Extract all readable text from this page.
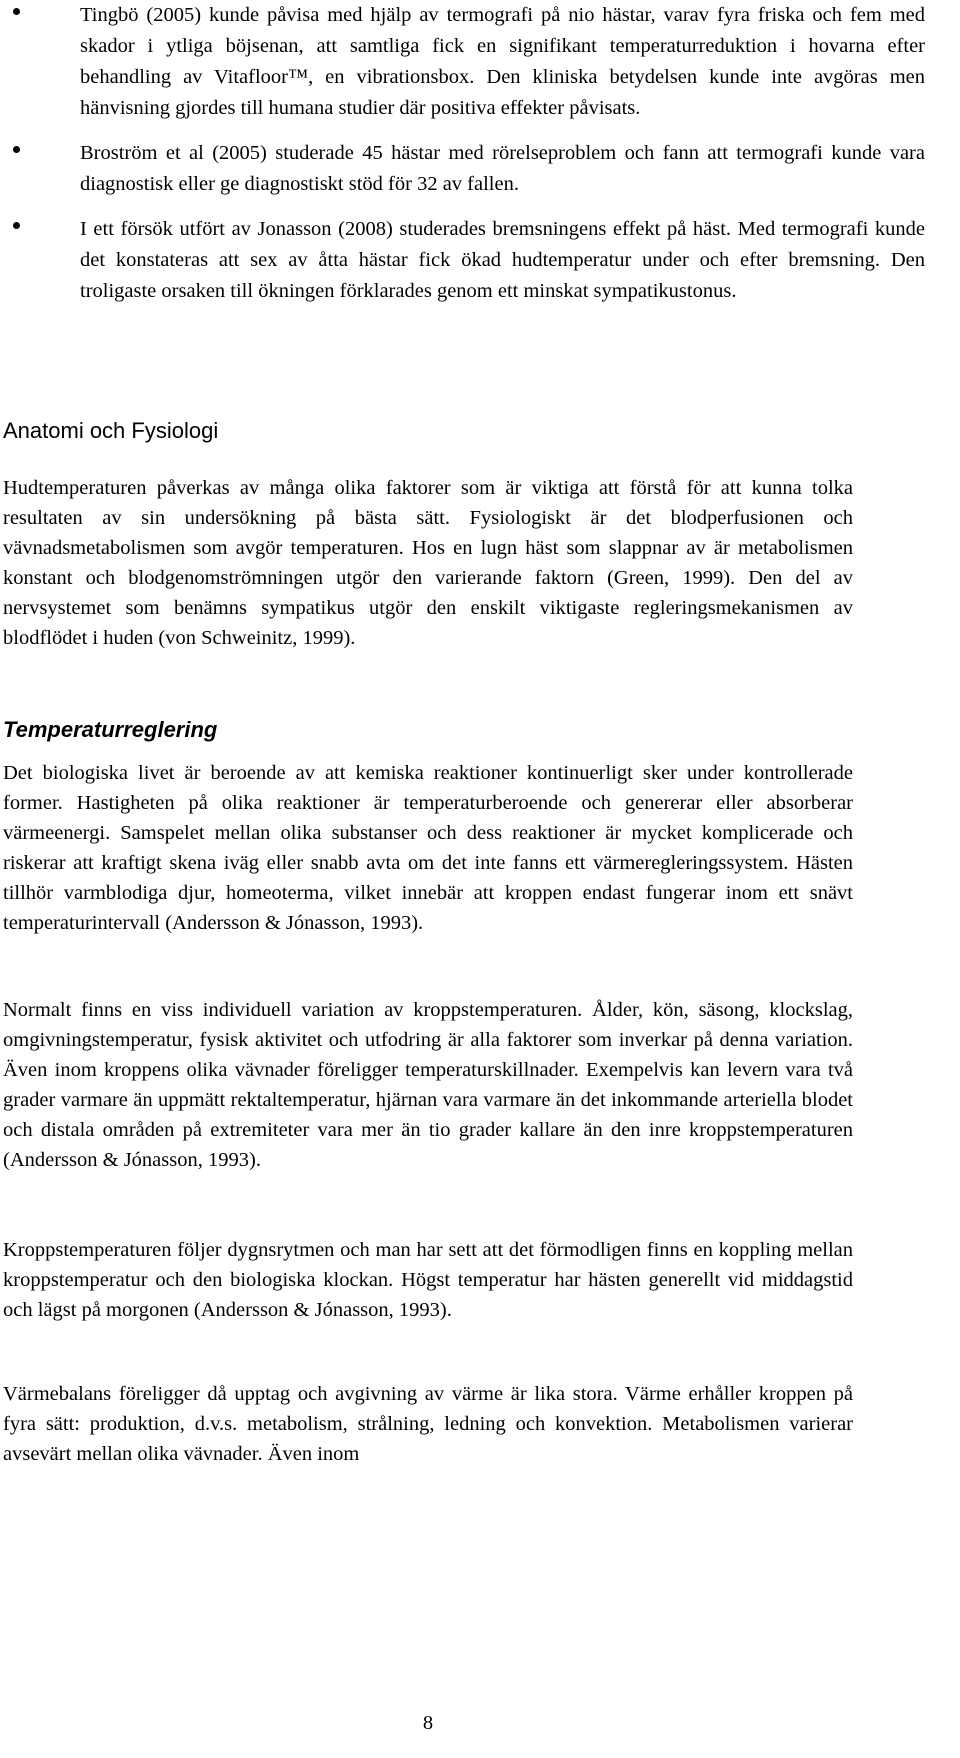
Tingbö (2005) kunde påvisa med hjälp av termografi på nio hästar, varav fyra friska och fem med skador i ytliga böjsenan, att samtliga fick en signifikant temperaturreduktion i hovarna efter behandling av Vitafloor™, en vibrationsbox. Den kliniska betydelsen kunde inte avgöras men hänvisning gjordes till humana studier där positiva effekter påvisats.
Broström et al (2005) studerade 45 hästar med rörelseproblem och fann att termografi kunde vara diagnostisk eller ge diagnostiskt stöd för 32 av fallen.
I ett försök utfört av Jonasson (2008) studerades bremsningens effekt på häst. Med termografi kunde det konstateras att sex av åtta hästar fick ökad hudtemperatur under och efter bremsning. Den troligaste orsaken till ökningen förklarades genom ett minskat sympatikustonus.
Anatomi och Fysiologi

Hudtemperaturen påverkas av många olika faktorer som är viktiga att förstå för att kunna tolka resultaten av sin undersökning på bästa sätt. Fysiologiskt är det blodperfusionen och vävnadsmetabolismen som avgör temperaturen. Hos en lugn häst som slappnar av är metabolismen konstant och blodgenomströmningen utgör den varierande faktorn (Green, 1999). Den del av nervsystemet som benämns sympatikus utgör den enskilt viktigaste regleringsmekanismen av blodflödet i huden (von Schweinitz, 1999).

Temperaturreglering

Det biologiska livet är beroende av att kemiska reaktioner kontinuerligt sker under kontrollerade former. Hastigheten på olika reaktioner är temperaturberoende och genererar eller absorberar värmeenergi. Samspelet mellan olika substanser och dess reaktioner är mycket komplicerade och riskerar att kraftigt skena iväg eller snabb avta om det inte fanns ett värmeregleringssystem. Hästen tillhör varmblodiga djur, homeoterma, vilket innebär att kroppen endast fungerar inom ett snävt temperaturintervall (Andersson & Jónasson, 1993).

Normalt finns en viss individuell variation av kroppstemperaturen. Ålder, kön, säsong, klockslag, omgivningstemperatur, fysisk aktivitet och utfodring är alla faktorer som inverkar på denna variation. Även inom kroppens olika vävnader föreligger temperaturskillnader. Exempelvis kan levern vara två grader varmare än uppmätt rektaltemperatur, hjärnan vara varmare än det inkommande arteriella blodet och distala områden på extremiteter vara mer än tio grader kallare än den inre kroppstemperaturen (Andersson & Jónasson, 1993).

Kroppstemperaturen följer dygnsrytmen och man har sett att det förmodligen finns en koppling mellan kroppstemperatur och den biologiska klockan. Högst temperatur har hästen generellt vid middagstid och lägst på morgonen (Andersson & Jónasson, 1993).

Värmebalans föreligger då upptag och avgivning av värme är lika stora. Värme erhåller kroppen på fyra sätt: produktion, d.v.s. metabolism, strålning, ledning och konvektion. Metabolismen varierar avsevärt mellan olika vävnader. Även inom

8
